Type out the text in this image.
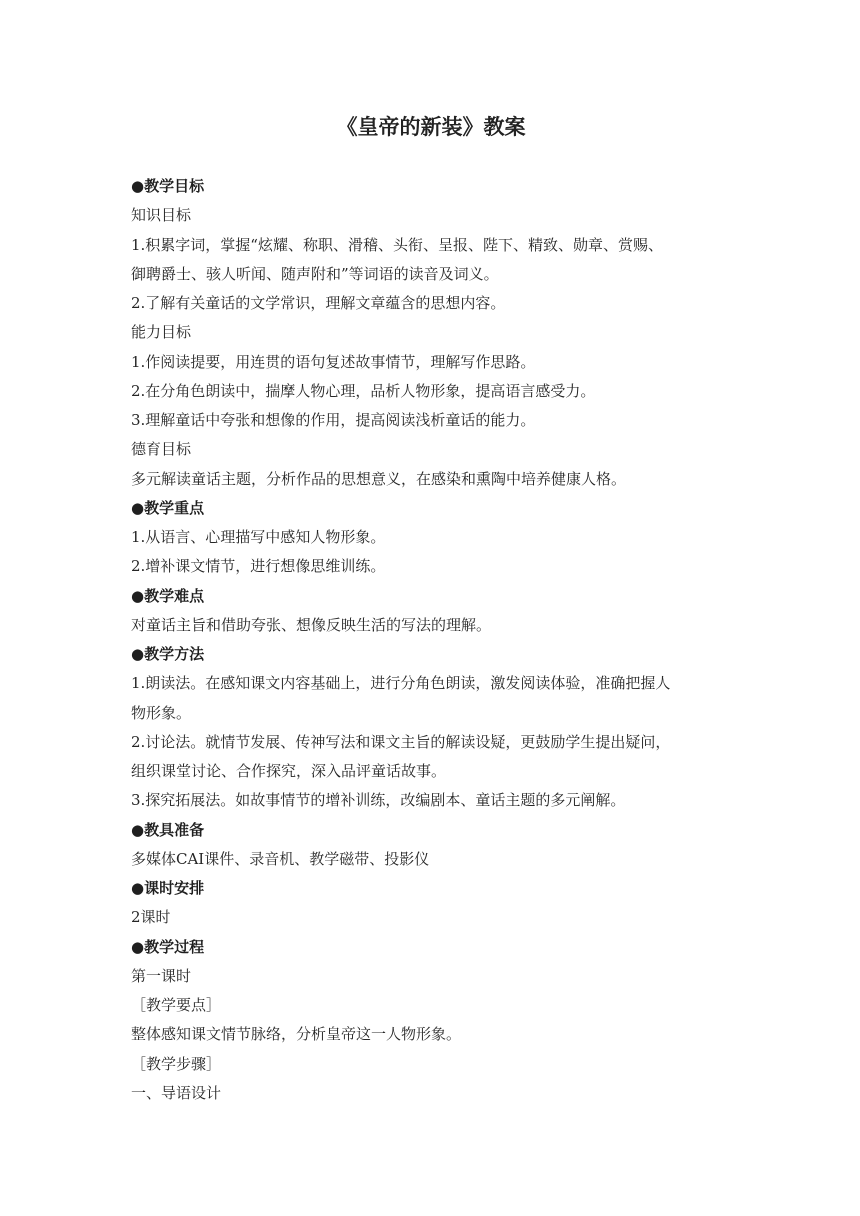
《皇帝的新装》教案
●教学目标
知识目标
1.积累字词，掌握“炫耀、称职、滑稽、头衔、呈报、陛下、精致、勋章、赏赐、
御聘爵士、骇人听闻、随声附和”等词语的读音及词义。
2.了解有关童话的文学常识，理解文章蕴含的思想内容。
能力目标
1.作阅读提要，用连贯的语句复述故事情节，理解写作思路。
2.在分角色朗读中，揣摩人物心理，品析人物形象，提高语言感受力。
3.理解童话中夸张和想像的作用，提高阅读浅析童话的能力。
德育目标
多元解读童话主题，分析作品的思想意义，在感染和熏陶中培养健康人格。
●教学重点
1.从语言、心理描写中感知人物形象。
2.增补课文情节，进行想像思维训练。
●教学难点
对童话主旨和借助夸张、想像反映生活的写法的理解。
●教学方法
1.朗读法。在感知课文内容基础上，进行分角色朗读，激发阅读体验，准确把握人
物形象。
2.讨论法。就情节发展、传神写法和课文主旨的解读设疑，更鼓励学生提出疑问，
组织课堂讨论、合作探究，深入品评童话故事。
3.探究拓展法。如故事情节的增补训练，改编剧本、童话主题的多元阐解。
●教具准备
多媒体CAI课件、录音机、教学磁带、投影仪
●课时安排
2课时
●教学过程
第一课时
［教学要点］
整体感知课文情节脉络，分析皇帝这一人物形象。
［教学步骤］
一、导语设计
